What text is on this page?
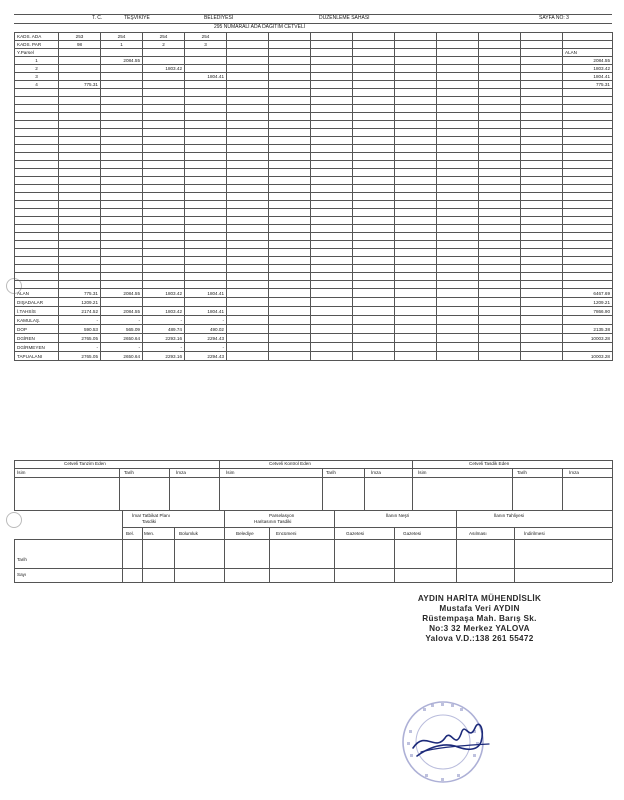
T. C.	TEŞVİKİYE	BELEDİYESİ	DÜZENLEME SAHASI	SAYFA NO: 3
295 NUMARALI ADA DAĞITIM CETVELİ
KADS. ADA	253	254	254	254									
KADS. PAR	98	1	2	3									
Y.Parsel													ALAN
1		2084.55											2084.55
2			1803.42										1803.42
3				1804.41									1804.41
4	775.31												775.31

ALAN	775.31	2084.55	1803.42	1804.41									6467.69
DIŞADALAR	1209.21												1209.21
İ.TAHSİS	2174.52	2084.55	1803.42	1804.41									7866.90
KAMULAŞ.	-	-	-	-									
DOP	590.53	565.09	489.74	490.02									2135.38
DGİREN	2765.05	2650.64	2293.16	2294.43									10003.28
DGİRMEYEN	-	-	-	-									
TAPUALANI	2765.05	2650.64	2293.16	2294.43									10003.28
Cetveli Tanzim Eden	Cetveli Kontrol Eden	Cetveli Tasdik Eden
İsim	Tarih	İmza	İsim	Tarih	İmza	İsim	Tarih	İmza
İmar Tatbikat Planı
Tasdiki
Parselasyon
Haritasının Tasdiki
İlanın Neşri	İlanın Tahliyesi
Bel. Men.	Bolumluk	Belediye	Encümeni	Gazetesi	Gazetesi	Asılması	İndirilmesi
Tarih
Sayı
AYDIN HARİTA MÜHENDİSLİK
Mustafa Veri AYDIN
Rüstempaşa Mah. Barış Sk.
No:3 32 Merkez YALOVA
Yalova V.D.:138 261 55472
